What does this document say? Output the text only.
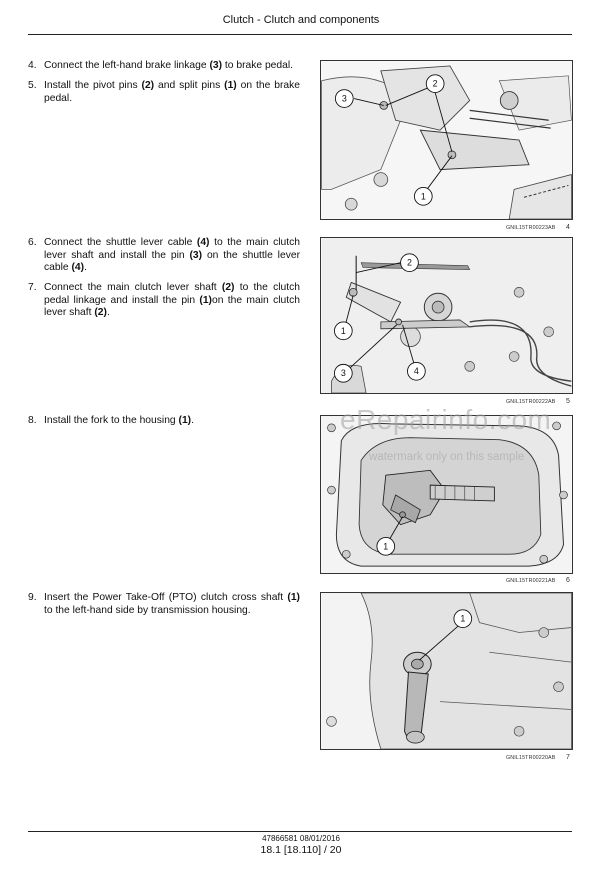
Clutch - Clutch and components
4. Connect the left-hand brake linkage (3) to brake pedal.
5. Install the pivot pins (2) and split pins (1) on the brake pedal.
6. Connect the shuttle lever cable (4) to the main clutch lever shaft and install the pin (3) on the shuttle lever cable (4).
7. Connect the main clutch lever shaft (2) to the clutch pedal linkage and install the pin (1)on the main clutch lever shaft (2).
8. Install the fork to the housing (1).
9. Insert the Power Take-Off (PTO) clutch cross shaft (1) to the left-hand side by transmission housing.
3
2
1
GNIL15TR00223AB 4
2
1
3	4
GNIL15TR00222AB 5
1
GNIL15TR00221AB 6
1
GNIL15TR00220AB 7
eRepairinfo.com
watermark only on this sample
47866581 08/01/2016
18.1 [18.110] / 20
